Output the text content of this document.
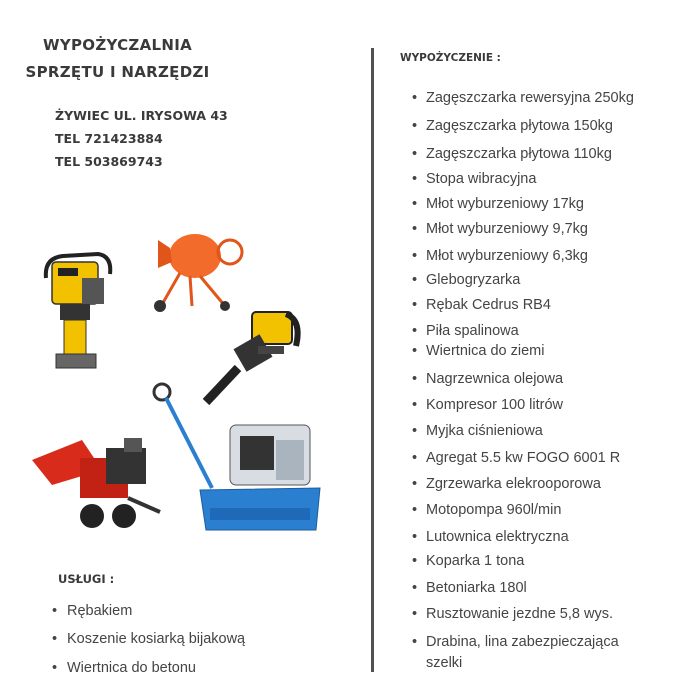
WYPOŻYCZALNIA
SPRZĘTU I NARZĘDZI
ŻYWIEC UL. IRYSOWA 43
TEL 721423884
TEL 503869743
USŁUGI :
• Rębakiem
• Koszenie kosiarką bijakową
• Wiertnica do betonu
WYPOŻYCZENIE :
• Zagęszczarka rewersyjna 250kg
• Zagęszczarka płytowa 150kg
• Zagęszczarka płytowa 110kg
• Stopa wibracyjna
• Młot wyburzeniowy 17kg
• Młot wyburzeniowy 9,7kg
• Młot wyburzeniowy 6,3kg
• Glebogryzarka
• Rębak Cedrus RB4
• Piła spalinowa
• Wiertnica do ziemi
• Nagrzewnica olejowa
• Kompresor 100 litrów
• Myjka ciśnieniowa
• Agregat 5.5 kw FOGO 6001 R
• Zgrzewarka elekrooporowa
• Motopompa 960l/min
• Lutownica elektryczna
• Koparka 1 tona
• Betoniarka 180l
• Rusztowanie jezdne 5,8 wys.
• Drabina, lina zabezpieczająca
szelki
